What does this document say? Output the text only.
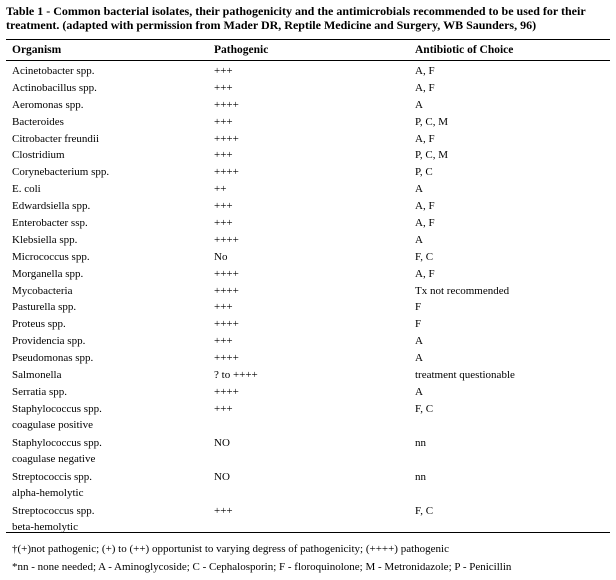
Table 1 - Common bacterial isolates, their pathogenicity and the antimicrobials recommended to be used for their treatment. (adapted with permission from Mader DR, Reptile Medicine and Surgery, WB Saunders, 96)
Organism	Pathogenic	Antibiotic of Choice
Acinetobacter spp.	+++	A, F
Actinobacillus spp.	+++	A, F
Aeromonas spp.	++++	A
Bacteroides	+++	P, C, M
Citrobacter freundii	++++	A, F
Clostridium	+++	P, C, M
Corynebacterium spp.	++++	P, C
E. coli	++	A
Edwardsiella spp.	+++	A, F
Enterobacter ssp.	+++	A, F
Klebsiella spp.	++++	A
Micrococcus spp.	No	F, C
Morganella spp.	++++	A, F
Mycobacteria	++++	Tx not recommended
Pasturella spp.	+++	F
Proteus spp.	++++	F
Providencia spp.	+++	A
Pseudomonas spp.	++++	A
Salmonella	? to ++++	treatment questionable
Serratia spp.	++++	A
Staphylococcus spp.	+++	F, C
coagulase positive
Staphylococcus spp.	NO	nn
coagulase negative
Streptococcis spp.	NO	nn
alpha-hemolytic
Streptococcus spp.	+++	F, C
beta-hemolytic
†(+)not pathogenic; (+) to (++) opportunist to varying degress of pathogenicity; (++++) pathogenic
*nn - none needed; A - Aminoglycoside; C - Cephalosporin; F - floroquinolone; M - Metronidazole; P - Penicillin
